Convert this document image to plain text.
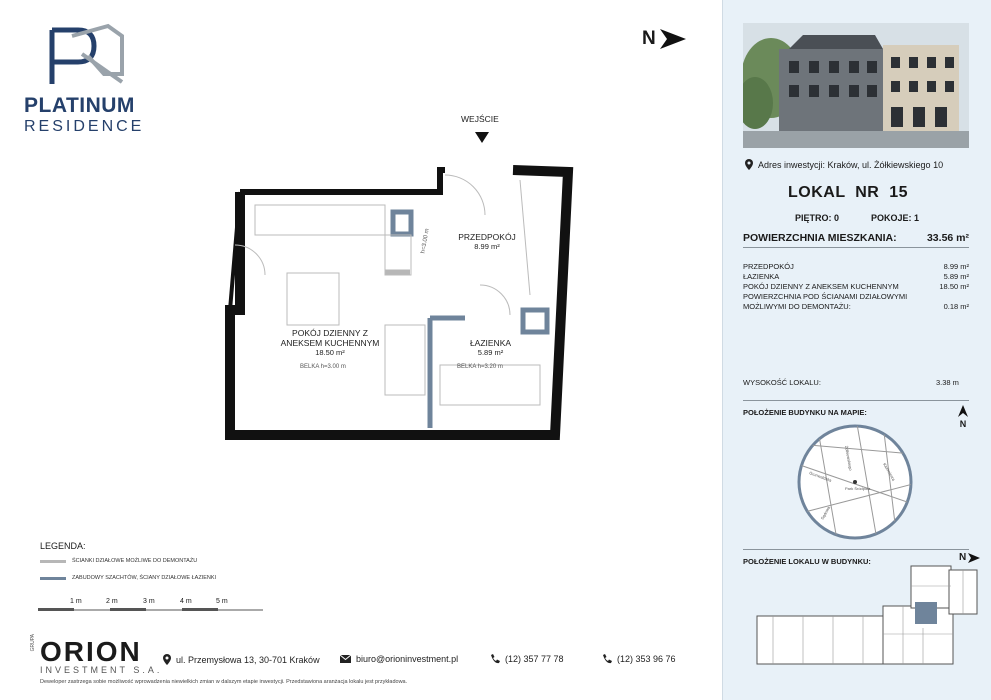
PLATINUM
RESIDENCE
N
WEJŚCIE
PRZEDPOKÓJ
8.99 m²
POKÓJ DZIENNY Z
ANEKSEM KUCHENNYM
18.50 m²
ŁAZIENKA
5.89 m²
h=3.00 m
BELKA h=3.00 m	BELKA h=3.20 m
LEGENDA:
ŚCIANKI DZIAŁOWE MOŻLIWE DO DEMONTAŻU
ZABUDOWY SZACHTÓW, ŚCIANY DZIAŁOWE ŁAZIENKI
1 m	2 m	3 m	4 m	5 m
GRUPA ORION
INVESTMENT S.A.
ul. Przemysłowa 13, 30-701 Kraków	biuro@orioninvestment.pl	(12) 357 77 78	(12) 353 96 76
Deweloper zastrzega sobie możliwość wprowadzenia niewielkich zmian w dalszym etapie inwestycji. Przedstawiona aranżacja lokalu jest przykładowa.
Adres inwestycji: Kraków, ul. Żółkiewskiego 10
LOKAL  NR  15
PIĘTRO: 0	POKOJE: 1
POWIERZCHNIA MIESZKANIA:	33.56 m²
PRZEDPOKÓJ	8.99 m²
ŁAZIENKA	5.89 m²
POKÓJ DZIENNY Z ANEKSEM KUCHENNYM	18.50 m²
POWIERZCHNIA POD ŚCIANAMI DZIAŁOWYMI
MOŻLIWYMI DO DEMONTAŻU:	0.18 m²
WYSOKOŚĆ LOKALU:	3.38 m
POŁOŻENIE BUDYNKU NA MAPIE:
N
Grunwaldzka
Żółkiewskiego
Park Śródpola
Kazimierza
Sądowa
POŁOŻENIE LOKALU W BUDYNKU:	N
